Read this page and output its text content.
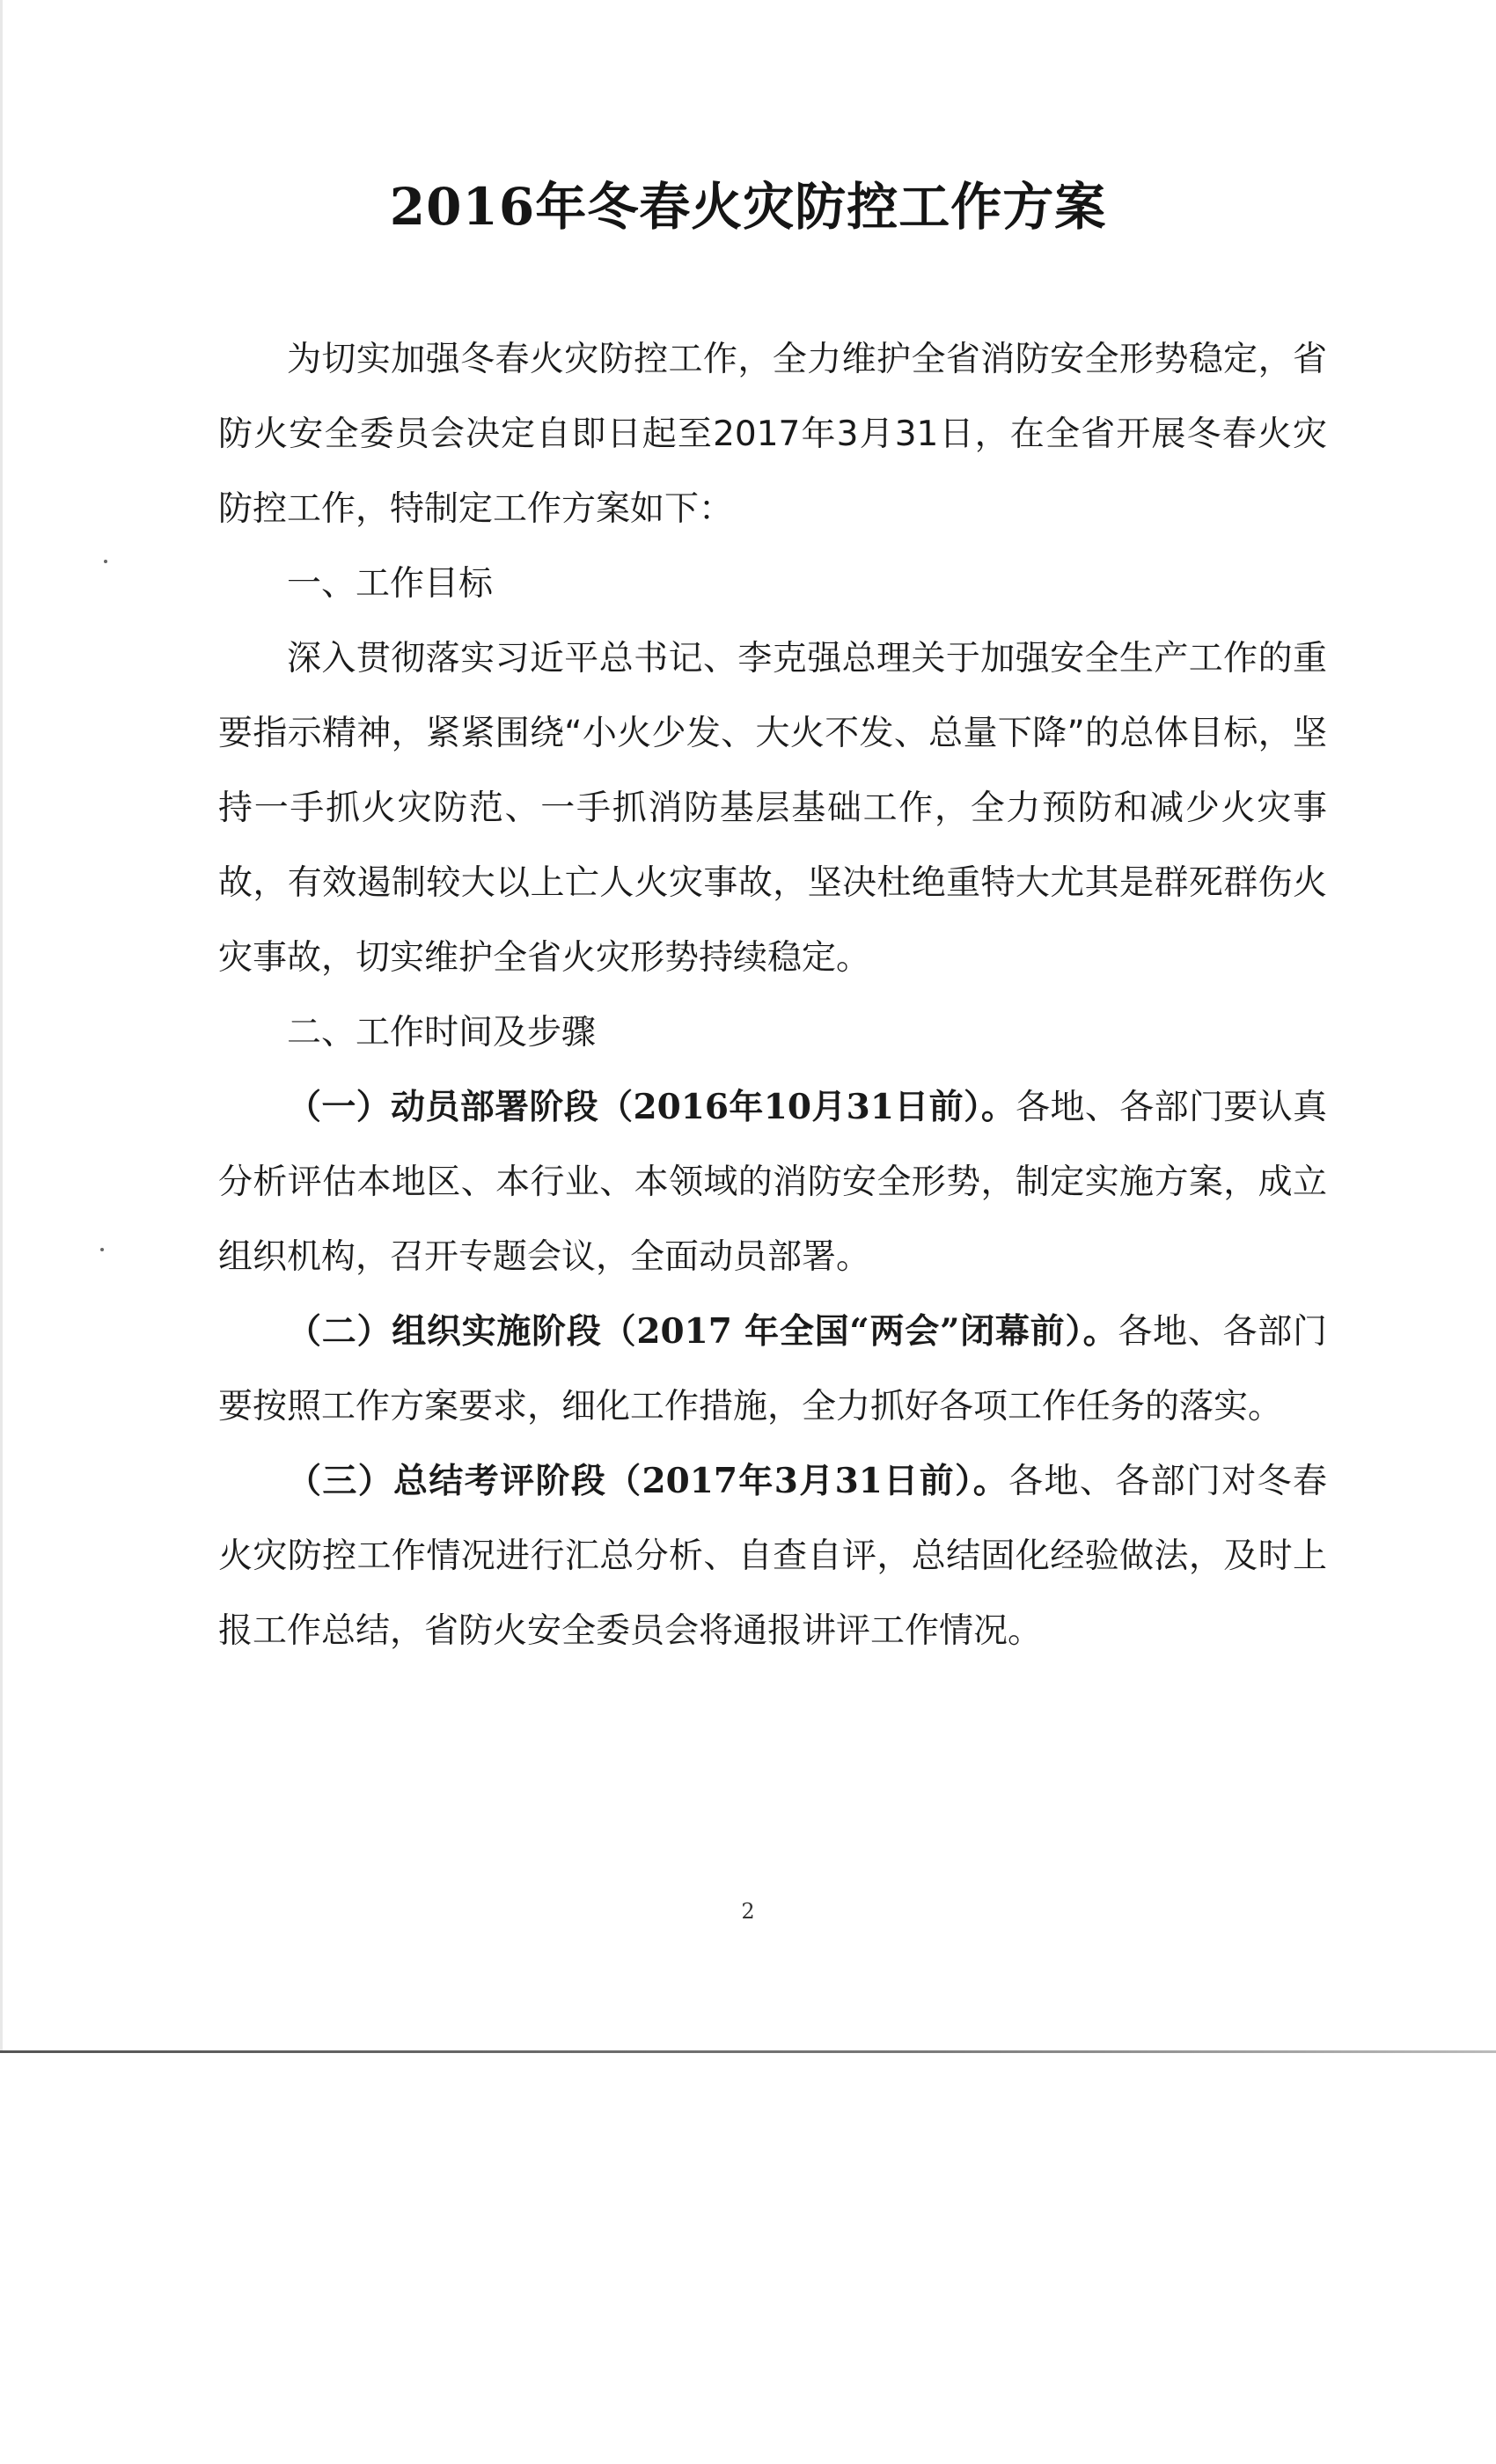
2016年冬春火灾防控工作方案

为切实加强冬春火灾防控工作，全力维护全省消防安全形势稳定，省防火安全委员会决定自即日起至2017年3月31日，在全省开展冬春火灾防控工作，特制定工作方案如下：

一、工作目标

深入贯彻落实习近平总书记、李克强总理关于加强安全生产工作的重要指示精神，紧紧围绕“小火少发、大火不发、总量下降”的总体目标，坚持一手抓火灾防范、一手抓消防基层基础工作，全力预防和减少火灾事故，有效遏制较大以上亡人火灾事故，坚决杜绝重特大尤其是群死群伤火灾事故，切实维护全省火灾形势持续稳定。

二、工作时间及步骤

（一）动员部署阶段（2016年10月31日前）。各地、各部门要认真分析评估本地区、本行业、本领域的消防安全形势，制定实施方案，成立组织机构，召开专题会议，全面动员部署。

（二）组织实施阶段（2017 年全国“两会”闭幕前）。各地、各部门要按照工作方案要求，细化工作措施，全力抓好各项工作任务的落实。

（三）总结考评阶段（2017年3月31日前）。各地、各部门对冬春火灾防控工作情况进行汇总分析、自查自评，总结固化经验做法，及时上报工作总结，省防火安全委员会将通报讲评工作情况。

2
